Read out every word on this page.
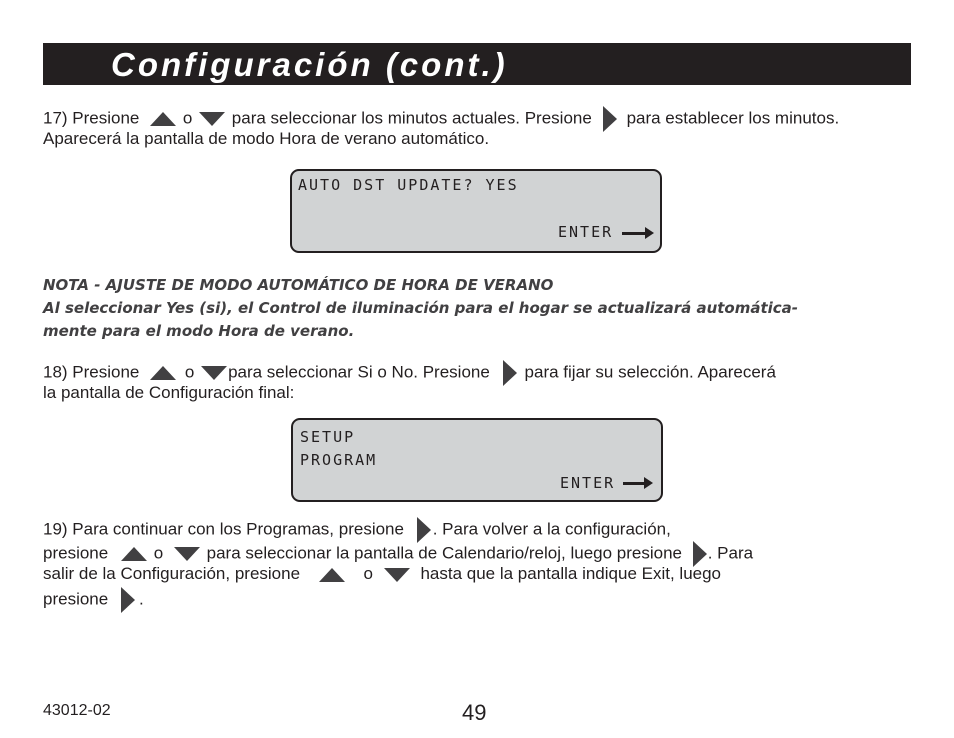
Configuración (cont.)
17) Presione	o para seleccionar los minutos actuales. Presione para establecer los minutos.
Aparecerá la pantalla de modo Hora de verano automático.
AUTO DST UPDATE? YES
ENTER
NOTA - AJUSTE DE MODO AUTOMÁTICO DE HORA DE VERANO
Al seleccionar Yes (si), el Control de iluminación para el hogar se actualizará automática-
mente para el modo Hora de verano.
18) Presione	o para seleccionar Si o No. Presione para fijar su selección. Aparecerá
la pantalla de Configuración final:
SETUP
PROGRAM
ENTER
19) Para continuar con los Programas, presione . Para volver a la configuración,
presione	o	para seleccionar la pantalla de Calendario/reloj, luego presione . Para
salir de la Configuración, presione	o	hasta que la pantalla indique Exit, luego
presione .
43012-02	49
